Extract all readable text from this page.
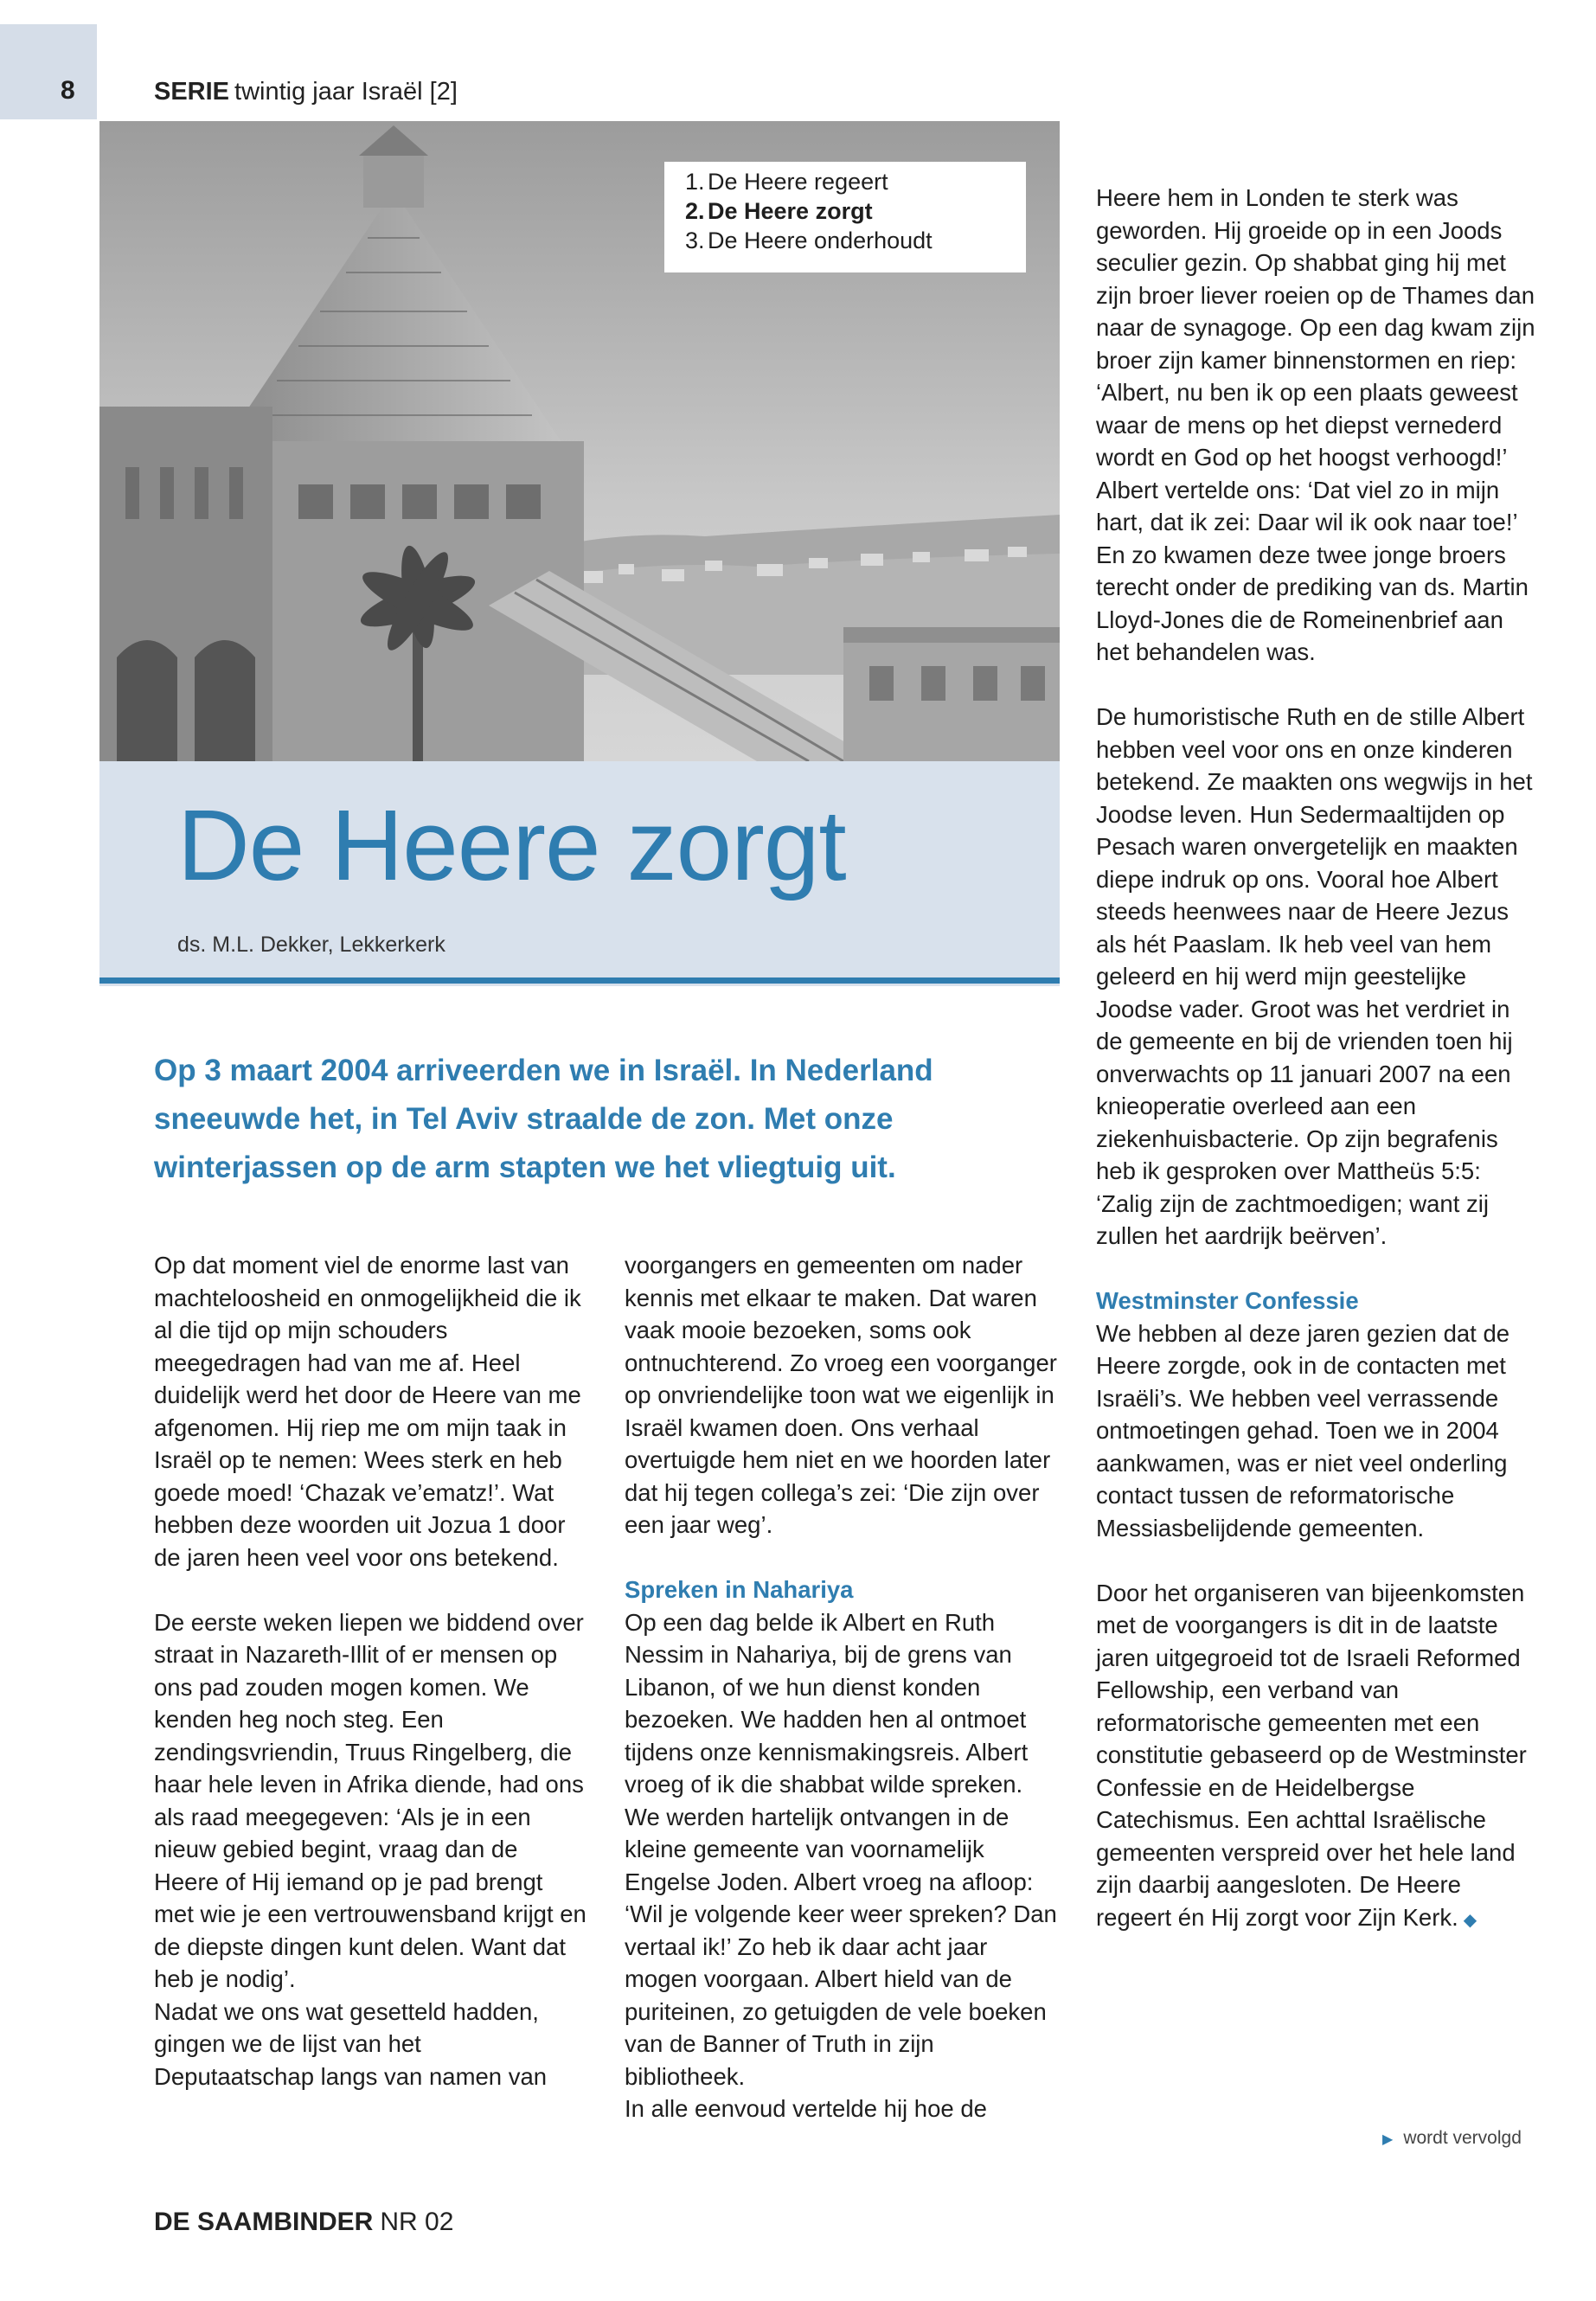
8	SERIE twintig jaar Israël [2]
1. De Heere regeert
2. De Heere zorgt
3. De Heere onderhoudt
De Heere zorgt
ds. M.L. Dekker, Lekkerkerk
Op 3 maart 2004 arriveerden we in Israël. In Nederland sneeuwde het, in Tel Aviv straalde de zon. Met onze winterjassen op de arm stapten we het vliegtuig uit.

Op dat moment viel de enorme last van machteloosheid en onmogelijkheid die ik al die tijd op mijn schouders meegedragen had van me af. Heel duidelijk werd het door de Heere van me afgenomen. Hij riep me om mijn taak in Israël op te nemen: Wees sterk en heb goede moed! ‘Chazak ve’ematz!’. Wat hebben deze woorden uit Jozua 1 door de jaren heen veel voor ons betekend.

De eerste weken liepen we biddend over straat in Nazareth-Illit of er mensen op ons pad zouden mogen komen. We kenden heg noch steg. Een zendingsvriendin, Truus Ringelberg, die haar hele leven in Afrika diende, had ons als raad meegegeven: ‘Als je in een nieuw gebied begint, vraag dan de Heere of Hij iemand op je pad brengt met wie je een vertrouwensband krijgt en de diepste dingen kunt delen. Want dat heb je nodig’.

Nadat we ons wat gesetteld hadden, gingen we de lijst van het Deputaatschap langs van namen van

voorgangers en gemeenten om nader kennis met elkaar te maken. Dat waren vaak mooie bezoeken, soms ook ontnuchterend. Zo vroeg een voorganger op onvriendelijke toon wat we eigenlijk in Israël kwamen doen. Ons verhaal overtuigde hem niet en we hoorden later dat hij tegen collega’s zei: ‘Die zijn over een jaar weg’.

Spreken in Nahariya
Op een dag belde ik Albert en Ruth Nessim in Nahariya, bij de grens van Libanon, of we hun dienst konden bezoeken. We hadden hen al ontmoet tijdens onze kennismakingsreis. Albert vroeg of ik die shabbat wilde spreken. We werden hartelijk ontvangen in de kleine gemeente van voornamelijk Engelse Joden. Albert vroeg na afloop: ‘Wil je volgende keer weer spreken? Dan vertaal ik!’ Zo heb ik daar acht jaar mogen voorgaan. Albert hield van de puriteinen, zo getuigden de vele boeken van de Banner of Truth in zijn bibliotheek.

In alle eenvoud vertelde hij hoe de

Heere hem in Londen te sterk was geworden. Hij groeide op in een Joods seculier gezin. Op shabbat ging hij met zijn broer liever roeien op de Thames dan naar de synagoge. Op een dag kwam zijn broer zijn kamer binnenstormen en riep: ‘Albert, nu ben ik op een plaats geweest waar de mens op het diepst vernederd wordt en God op het hoogst verhoogd!’

Albert vertelde ons: ‘Dat viel zo in mijn hart, dat ik zei: Daar wil ik ook naar toe!’ En zo kwamen deze twee jonge broers terecht onder de prediking van ds. Martin Lloyd-Jones die de Romeinenbrief aan het behandelen was.

De humoristische Ruth en de stille Albert hebben veel voor ons en onze kinderen betekend. Ze maakten ons wegwijs in het Joodse leven. Hun Sedermaaltijden op Pesach waren onvergetelijk en maakten diepe indruk op ons. Vooral hoe Albert steeds heenwees naar de Heere Jezus als hét Paaslam. Ik heb veel van hem geleerd en hij werd mijn geestelijke Joodse vader. Groot was het verdriet in de gemeente en bij de vrienden toen hij onverwachts op 11 januari 2007 na een knieoperatie overleed aan een ziekenhuisbacterie. Op zijn begrafenis heb ik gesproken over Mattheüs 5:5: ‘Zalig zijn de zachtmoedigen; want zij zullen het aardrijk beërven’.

Westminster Confessie
We hebben al deze jaren gezien dat de Heere zorgde, ook in de contacten met Israëli’s. We hebben veel verrassende ontmoetingen gehad. Toen we in 2004 aankwamen, was er niet veel onderling contact tussen de reformatorische Messiasbelijdende gemeenten.

Door het organiseren van bijeenkomsten met de voorgangers is dit in de laatste jaren uitgegroeid tot de Israeli Reformed Fellowship, een verband van reformatorische gemeenten met een constitutie gebaseerd op de Westminster Confessie en de Heidelbergse Catechismus. Een achttal Israëlische gemeenten verspreid over het hele land zijn daarbij aangesloten. De Heere regeert én Hij zorgt voor Zijn Kerk. ◆

▶ wordt vervolgd
DE SAAMBINDER NR 02
